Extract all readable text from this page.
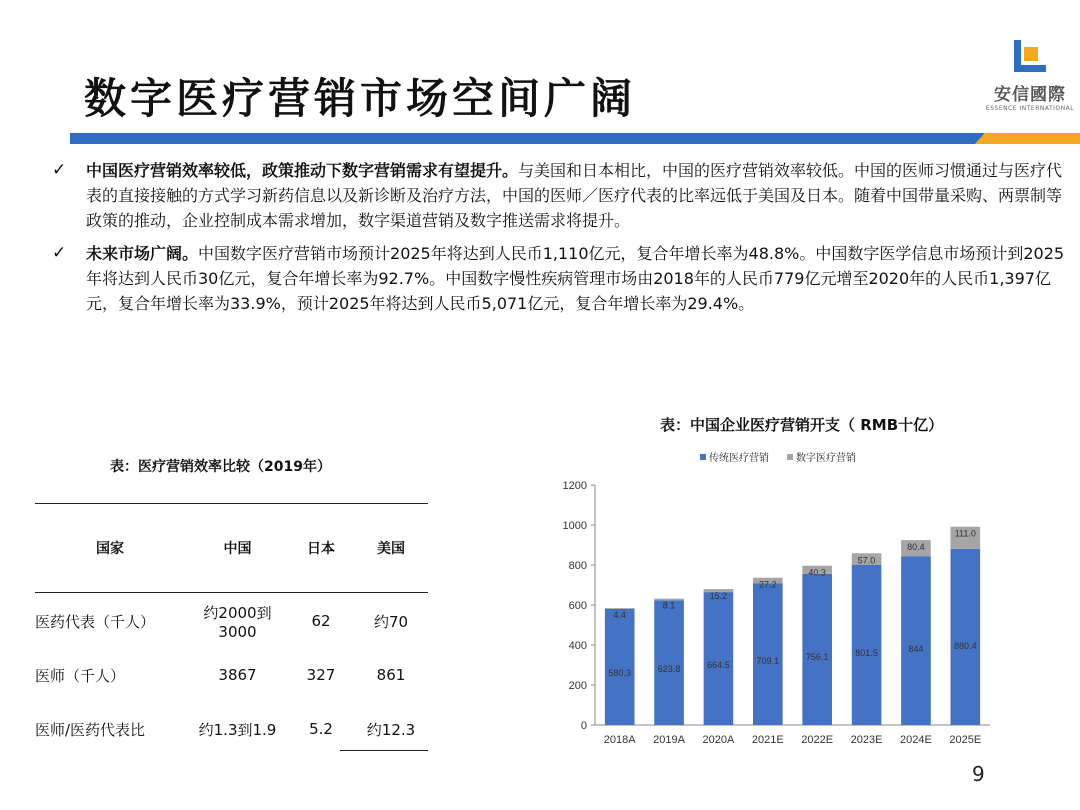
数字医疗营销市场空间广阔	安信國際
ESSENCE INTERNATIONAL
✓ 中国医疗营销效率较低，政策推动下数字营销需求有望提升。与美国和日本相比，中国的医疗营销效率较低。中国的医师习惯通过与医疗代表的直接接触的方式学习新药信息以及新诊断及治疗方法，中国的医师／医疗代表的比率远低于美国及日本。随着中国带量采购、两票制等政策的推动，企业控制成本需求增加，数字渠道营销及数字推送需求将提升。
✓ 未来市场广阔。中国数字医疗营销市场预计2025年将达到人民币1,110亿元，复合年增长率为48.8%。中国数字医学信息市场预计到2025年将达到人民币30亿元，复合年增长率为92.7%。中国数字慢性疾病管理市场由2018年的人民币779亿元增至2020年的人民币1,397亿元，复合年增长率为33.9%，预计2025年将达到人民币5,071亿元，复合年增长率为29.4%。
表：医疗营销效率比较（2019年）
国家	中国	日本	美国
医药代表（千人）	约2000到3000	62	约70
医师（千人）	3867	327	861
医师/医药代表比	约1.3到1.9	5.2	约12.3
表：中国企业医疗营销开支（ RMB十亿）
传统医疗营销	数字医疗营销
0
200
400
600
800
1000
1200
580.3
4.4
2018A
623.8
8.1
2019A
664.5
15.2
2020A
709.1
27.2
2021E
756.1
40.3
2022E
801.5
57.0
2023E
844
80.4
2024E
880.4
111.0
2025E
9
